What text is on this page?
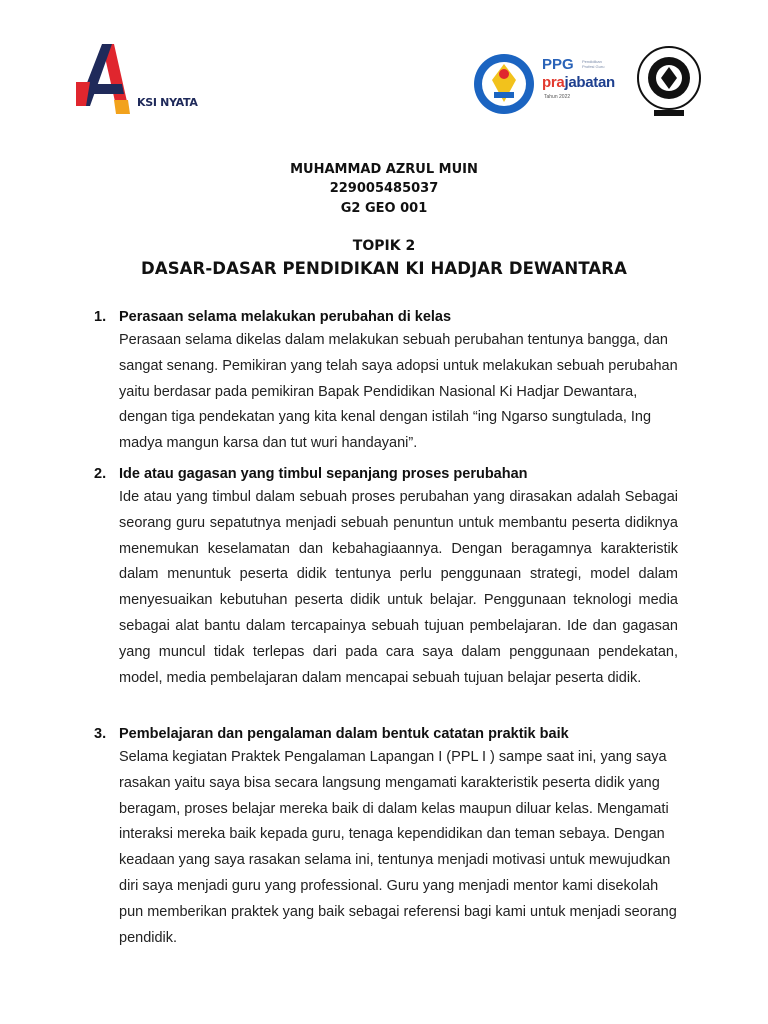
KSI NYATA
PPG Pendidikan Profesi Guru
prajabatan
Tahun 2022
MUHAMMAD AZRUL MUIN
229005485037
G2 GEO 001
TOPIK 2
DASAR-DASAR PENDIDIKAN KI HADJAR DEWANTARA
1. Perasaan selama melakukan perubahan di kelas
Perasaan selama dikelas dalam melakukan sebuah perubahan tentunya bangga, dan sangat senang. Pemikiran yang telah saya adopsi untuk melakukan sebuah perubahan yaitu berdasar pada pemikiran Bapak Pendidikan Nasional Ki Hadjar Dewantara, dengan tiga pendekatan yang kita kenal dengan istilah “ing Ngarso sungtulada, Ing madya mangun karsa dan tut wuri handayani”.
2. Ide atau gagasan yang timbul sepanjang proses perubahan
Ide atau yang timbul dalam sebuah proses perubahan yang dirasakan adalah Sebagai seorang guru sepatutnya menjadi sebuah penuntun untuk membantu peserta didiknya menemukan keselamatan dan kebahagiaannya. Dengan beragamnya karakteristik dalam menuntuk peserta didik tentunya perlu penggunaan strategi, model dalam menyesuaikan kebutuhan peserta didik untuk belajar. Penggunaan teknologi media sebagai alat bantu dalam tercapainya sebuah tujuan pembelajaran. Ide dan gagasan yang muncul tidak terlepas dari pada cara saya dalam penggunaan pendekatan, model, media pembelajaran dalam mencapai sebuah tujuan belajar peserta didik.
3. Pembelajaran dan pengalaman dalam bentuk catatan praktik baik
Selama kegiatan Praktek Pengalaman Lapangan I (PPL I ) sampe saat ini, yang saya rasakan yaitu saya bisa secara langsung mengamati karakteristik peserta didik yang beragam, proses belajar mereka baik di dalam kelas maupun diluar kelas. Mengamati interaksi mereka baik kepada guru, tenaga kependidikan dan teman sebaya. Dengan keadaan yang saya rasakan selama ini, tentunya menjadi motivasi untuk mewujudkan diri saya menjadi guru yang professional. Guru yang menjadi mentor kami disekolah pun memberikan praktek yang baik sebagai referensi bagi kami untuk menjadi seorang pendidik.
